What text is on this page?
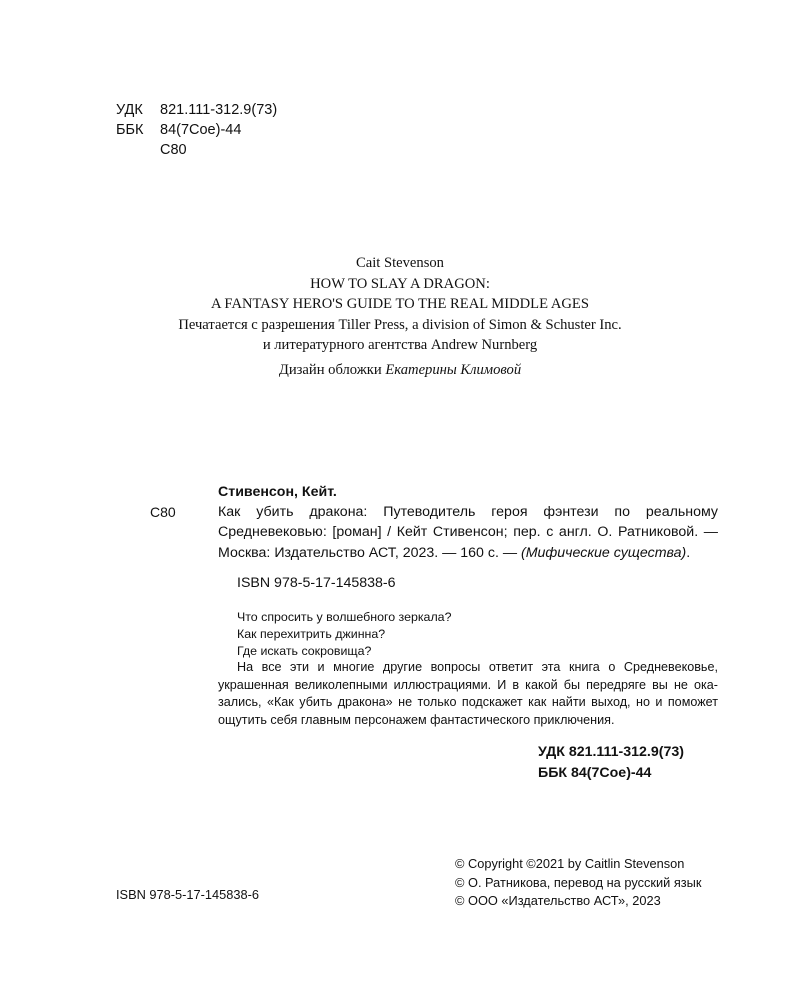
УДК	821.111-312.9(73)
ББК	84(7Сое)-44
С80
Cait Stevenson
HOW TO SLAY A DRAGON:
A FANTASY HERO'S GUIDE TO THE REAL MIDDLE AGES
Печатается с разрешения Tiller Press, a division of Simon & Schuster Inc.
и литературного агентства Andrew Nurnberg
Дизайн обложки Екатерины Климовой
С80
Стивенсон, Кейт.
Как убить дракона: Путеводитель героя фэнтези по реальному Средневековью: [роман] / Кейт Стивенсон; пер. с англ. О. Ратниковой. — Москва: Издательство АСТ, 2023. — 160 с. — (Мифические существа).
ISBN 978-5-17-145838-6
Что спросить у волшебного зеркала?
Как перехитрить джинна?
Где искать сокровища?

На все эти и многие другие вопросы ответит эта книга о Средневековье, украшенная великолепными иллюстрациями. И в какой бы передряге вы не оказались, «Как убить дракона» не только подскажет как найти выход, но и поможет ощутить себя главным персонажем фантастического приключения.

УДК 821.111-312.9(73)
ББК 84(7Сое)-44
ISBN 978-5-17-145838-6
© Copyright ©2021 by Caitlin Stevenson
© О. Ратникова, перевод на русский язык
© ООО «Издательство АСТ», 2023
